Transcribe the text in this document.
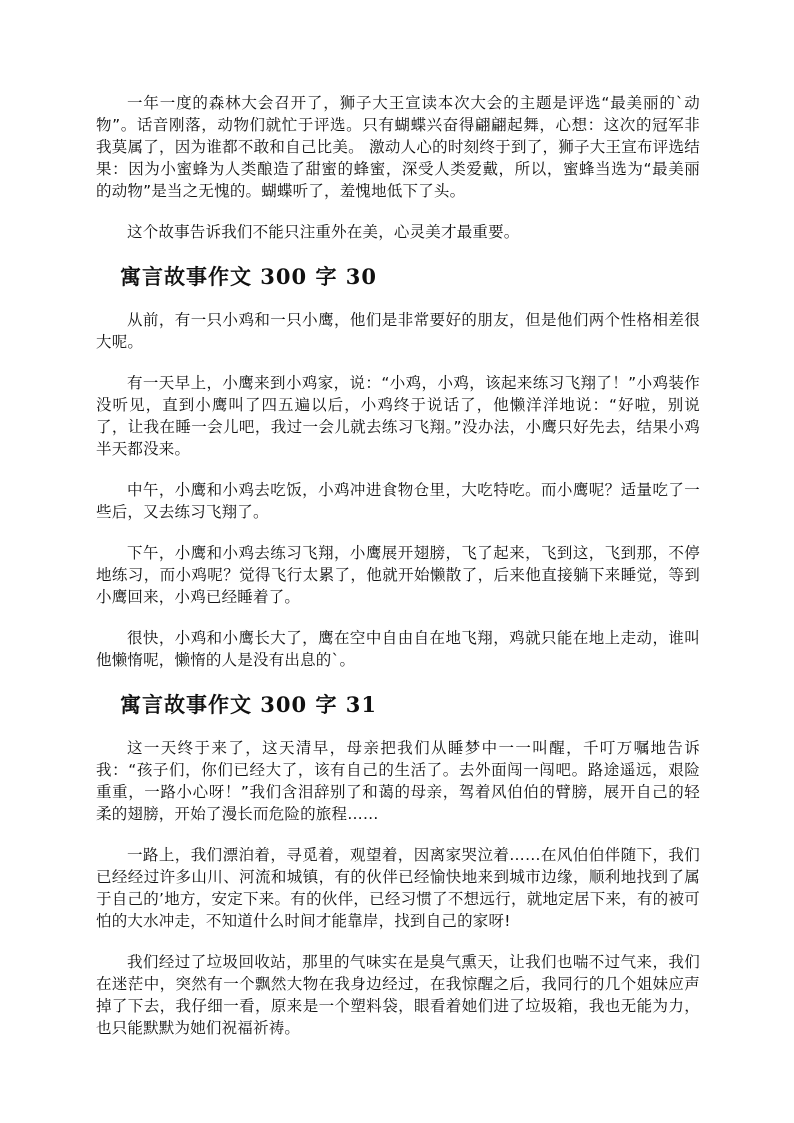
一年一度的森林大会召开了，狮子大王宣读本次大会的主题是评选“最美丽的`动物”。话音刚落，动物们就忙于评选。只有蝴蝶兴奋得翩翩起舞，心想：这次的冠军非我莫属了，因为谁都不敢和自己比美。 激动人心的时刻终于到了，狮子大王宣布评选结果：因为小蜜蜂为人类酿造了甜蜜的蜂蜜，深受人类爱戴，所以，蜜蜂当选为“最美丽的动物”是当之无愧的。蝴蝶听了，羞愧地低下了头。

这个故事告诉我们不能只注重外在美，心灵美才最重要。

寓言故事作文 300 字 30

从前，有一只小鸡和一只小鹰，他们是非常要好的朋友，但是他们两个性格相差很大呢。

有一天早上，小鹰来到小鸡家，说：“小鸡，小鸡，该起来练习飞翔了！”小鸡装作没听见，直到小鹰叫了四五遍以后，小鸡终于说话了，他懒洋洋地说：“好啦，别说了，让我在睡一会儿吧，我过一会儿就去练习飞翔。”没办法，小鹰只好先去，结果小鸡半天都没来。

中午，小鹰和小鸡去吃饭，小鸡冲进食物仓里，大吃特吃。而小鹰呢？适量吃了一些后，又去练习飞翔了。

下午，小鹰和小鸡去练习飞翔，小鹰展开翅膀，飞了起来，飞到这，飞到那，不停地练习，而小鸡呢？觉得飞行太累了，他就开始懒散了，后来他直接躺下来睡觉，等到小鹰回来，小鸡已经睡着了。

很快，小鸡和小鹰长大了，鹰在空中自由自在地飞翔，鸡就只能在地上走动，谁叫他懒惰呢，懒惰的人是没有出息的`。

寓言故事作文 300 字 31

这一天终于来了，这天清早，母亲把我们从睡梦中一一叫醒，千叮万嘱地告诉我：“孩子们，你们已经大了，该有自己的生活了。去外面闯一闯吧。路途遥远，艰险重重，一路小心呀！”我们含泪辞别了和蔼的母亲，驾着风伯伯的臂膀，展开自己的轻柔的翅膀，开始了漫长而危险的旅程……

一路上，我们漂泊着，寻觅着，观望着，因离家哭泣着……在风伯伯伴随下，我们已经经过许多山川、河流和城镇，有的伙伴已经愉快地来到城市边缘，顺利地找到了属于自己的’地方，安定下来。有的伙伴，已经习惯了不想远行，就地定居下来，有的被可怕的大水冲走，不知道什么时间才能靠岸，找到自己的家呀!

我们经过了垃圾回收站，那里的气味实在是臭气熏天，让我们也喘不过气来，我们在迷茫中，突然有一个飘然大物在我身边经过，在我惊醒之后，我同行的几个姐妹应声掉了下去，我仔细一看，原来是一个塑料袋，眼看着她们进了垃圾箱，我也无能为力，也只能默默为她们祝福祈祷。
